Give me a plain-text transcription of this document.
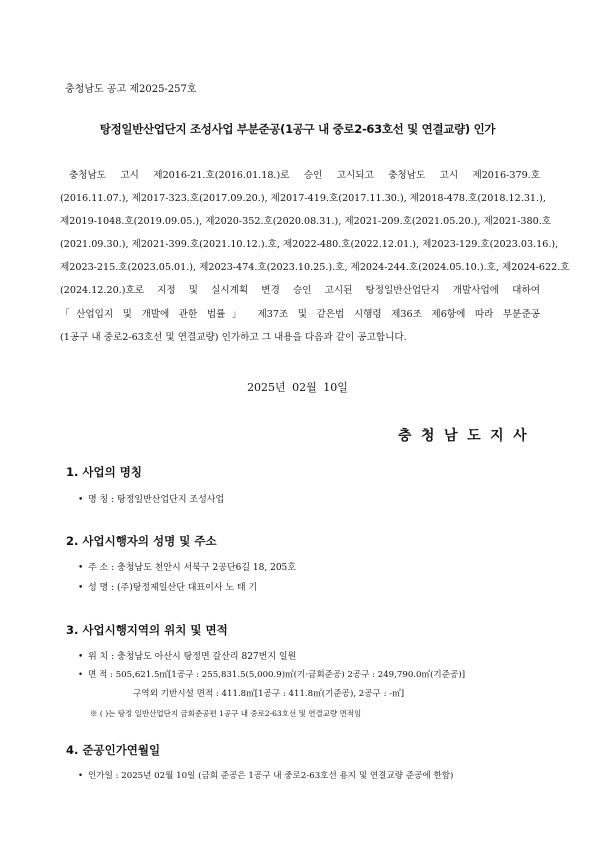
충청남도 공고 제2025-257호
탕정일반산업단지 조성사업 부분준공(1공구 내 중로2-63호선 및 연결교량) 인가
충청남도 고시 제2016-21.호(2016.01.18.)로 승인 고시되고 충청남도 고시 제2016-379.호
(2016.11.07.), 제2017-323.호(2017.09.20.), 제2017-419.호(2017.11.30.), 제2018-478.호(2018.12.31.),
제2019-1048.호(2019.09.05.), 제2020-352.호(2020.08.31.), 제2021-209.호(2021.05.20.), 제2021-380.호
(2021.09.30.), 제2021-399.호(2021.10.12.).호, 제2022-480.호(2022.12.01.), 제2023-129.호(2023.03.16.),
제2023-215.호(2023.05.01.), 제2023-474.호(2023.10.25.).호, 제2024-244.호(2024.05.10.).호, 제2024-622.호
(2024.12.20.)호로 지정 및 실시계획 변경 승인 고시된 탕정일반산업단지 개발사업에 대하여
「산업입지 및 개발에 관한 법률」 제37조 및 같은법 시행령 제36조 제6항에 따라 부분준공
(1공구 내 중로2-63호선 및 연결교량) 인가하고 그 내용을 다음과 같이 공고합니다.
2025년 02월 10일
충청남도지사
1. 사업의 명칭
• 명 칭 : 탕정일반산업단지 조성사업
2. 사업시행자의 성명 및 주소
• 주 소 : 충청남도 천안시 서북구 2공단6길 18, 205호
• 성 명 : (주)탕정제일산단 대표이사 노 태 기
3. 사업시행지역의 위치 및 면적
• 위 치 : 충청남도 아산시 탕정면 갈산리 827번지 일원
• 면 적 : 505,621.5㎡[1공구 : 255,831.5(5,000.9)㎡(기·금회준공) 2공구 : 249,790.0㎡(기준공)]
구역외 기반시설 면적 : 411.8㎡[1공구 : 411.8㎡(기준공), 2공구 : -㎡]
※ ( )는 탕정 일반산업단지 금회준공편 1공구 내 중로2-63호선 및 연결교량 면적임
4. 준공인가연월일
• 인가일 : 2025년 02월 10일 (금회 준공은 1공구 내 중로2-63호선 용지 및 연결교량 준공에 한함)
